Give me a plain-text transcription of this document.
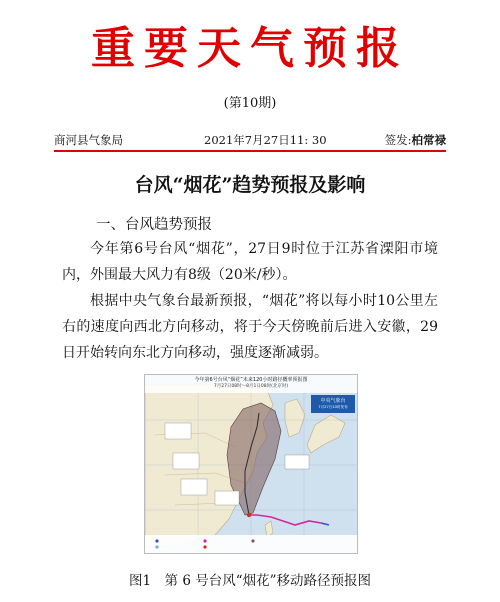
重要天气预报
(第10期)
商河县气象局	2021年7月27日11: 30	签发:柏常禄
台风“烟花”趋势预报及影响
一、台风趋势预报
今年第6号台风“烟花”，27日9时位于江苏省溧阳市境内，外围最大风力有8级（20米/秒）。
根据中央气象台最新预报，“烟花”将以每小时10公里左右的速度向西北方向移动，将于今天傍晚前后进入安徽，29日开始转向东北方向移动，强度逐渐减弱。
今年第6号台风“烟花”未来120小时路径概率预报图
7月27日08时～8月1日08时(北京时)
中央气象台
7月27日10时发布
图1　第 6 号台风“烟花”移动路径预报图
